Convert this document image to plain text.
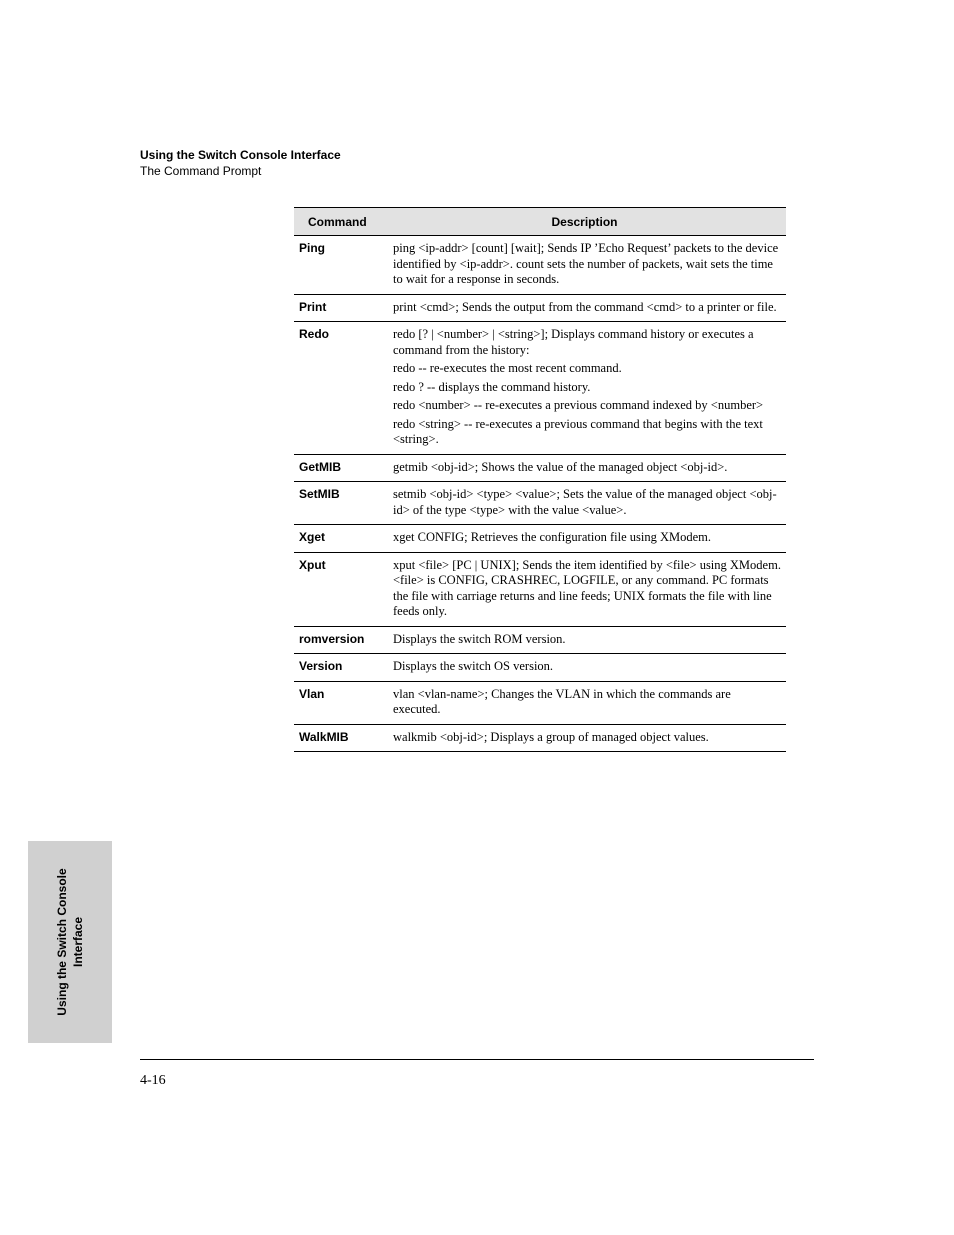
Using the Switch Console Interface
The Command Prompt
Command	Description
Ping	ping <ip-addr> [count] [wait]; Sends IP ’Echo Request’ packets to the device identified by <ip-addr>. count sets the number of packets, wait sets the time to wait for a response in seconds.

Print	print <cmd>; Sends the output from the command <cmd> to a printer or file.

Redo	redo [? | <number> | <string>]; Displays command history or executes a command from the history:
redo -- re-executes the most recent command.
redo ? -- displays the command history.
redo <number> -- re-executes a previous command indexed by <number>
redo <string> -- re-executes a previous command that begins with the text <string>.

GetMIB	getmib <obj-id>; Shows the value of the managed object <obj-id>.

SetMIB	setmib <obj-id> <type> <value>; Sets the value of the managed object <obj-id> of the type <type> with the value <value>.

Xget	xget CONFIG; Retrieves the configuration file using XModem.

Xput	xput <file> [PC | UNIX]; Sends the item identified by <file> using XModem. <file> is CONFIG, CRASHREC, LOGFILE, or any command. PC formats the file with carriage returns and line feeds; UNIX formats the file with line feeds only.

romversion	Displays the switch ROM version.

Version	Displays the switch OS version.

Vlan	vlan <vlan-name>; Changes the VLAN in which the commands are executed.

WalkMIB	walkmib <obj-id>; Displays a group of managed object values.
Using the Switch Console Interface
4-16
